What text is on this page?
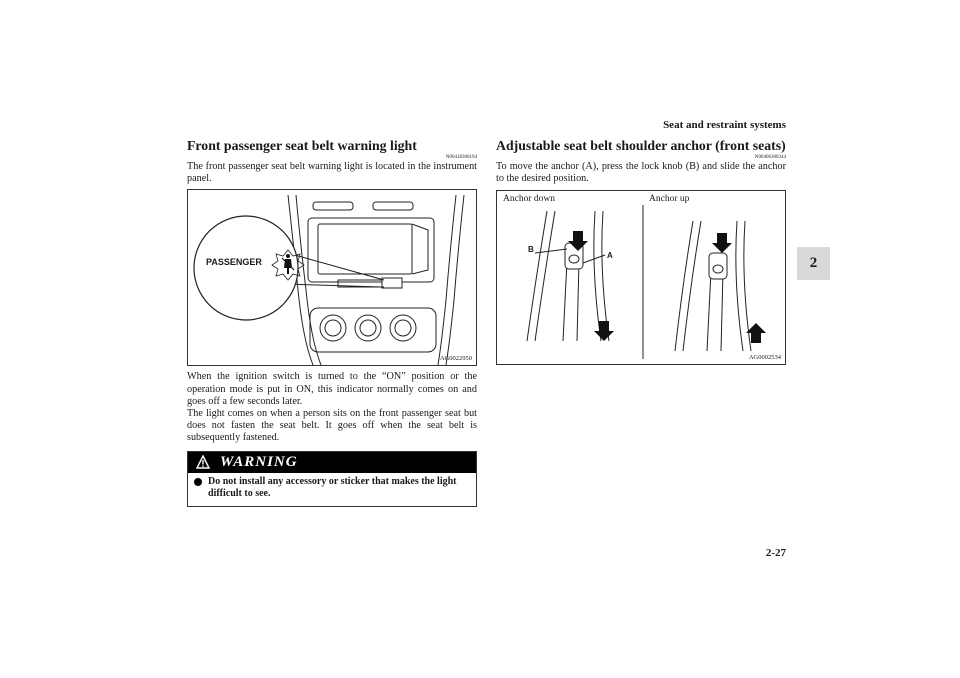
Seat and restraint systems
2
2-27
Front passenger seat belt warning light
N00418300194

The front passenger seat belt warning light is located in the instrument panel.

PASSENGER
AG0022950

When the ignition switch is turned to the “ON” position or the operation mode is put in ON, this indicator normally comes on and goes off a few seconds later.

The light comes on when a person sits on the front passenger seat but does not fasten the seat belt. It goes off when the seat belt is subsequently fastened.

WARNING
Do not install any accessory or sticker that makes the light difficult to see.
Adjustable seat belt shoulder anchor (front seats)
N00406300344

To move the anchor (A), press the lock knob (B) and slide the anchor to the desired position.

Anchor down	Anchor up
B
A
AG0002534
